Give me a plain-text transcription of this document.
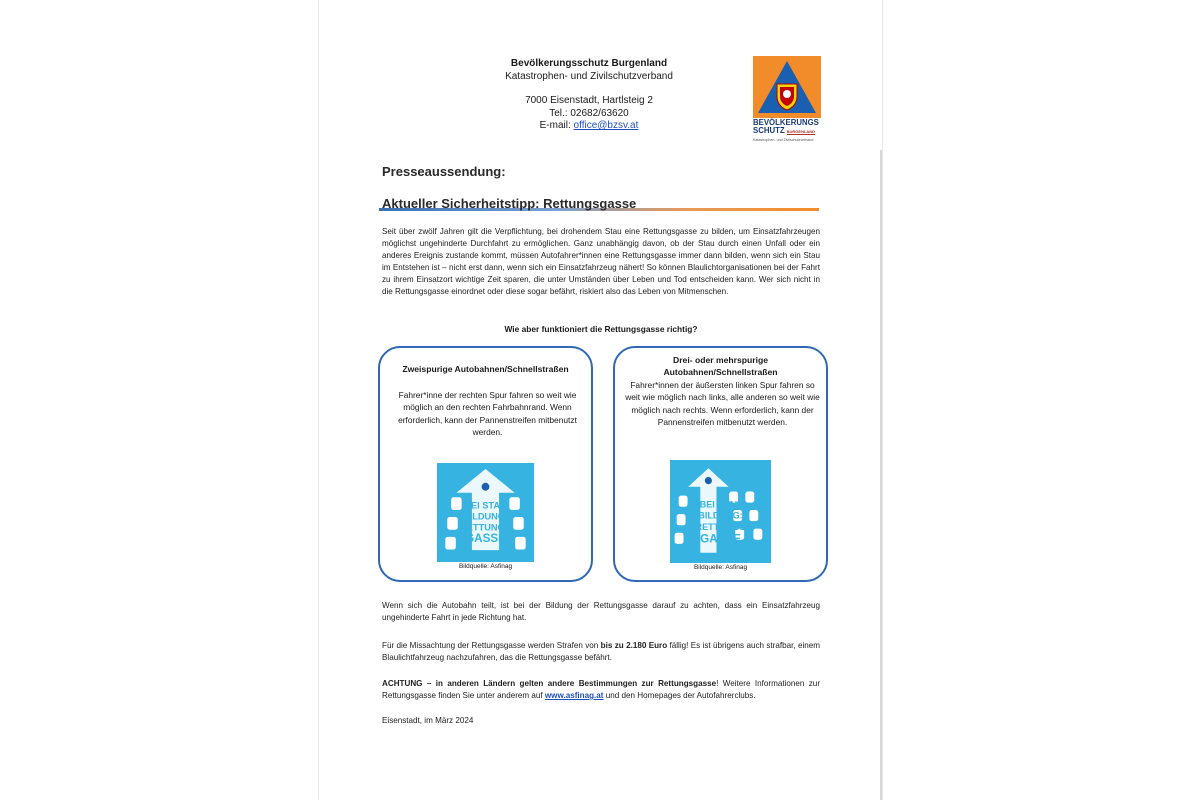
Bevölkerungsschutz Burgenland
Katastrophen- und Zivilschutzverband
7000 Eisenstadt, Hartlsteig 2
Tel.: 02682/63620
E-mail: office@bzsv.at	BEVÖLKERUNGS
SCHUTZ BURGENLAND
Katastrophen- und Zivilschutzverband
Presseaussendung:
Aktueller Sicherheitstipp: Rettungsgasse

Seit über zwölf Jahren gilt die Verpflichtung, bei drohendem Stau eine Rettungsgasse zu bilden, um Einsatzfahrzeugen möglichst ungehinderte Durchfahrt zu ermöglichen. Ganz unabhängig davon, ob der Stau durch einen Unfall oder ein anderes Ereignis zustande kommt, müssen Autofahrer*innen eine Rettungsgasse immer dann bilden, wenn sich ein Stau im Entstehen ist – nicht erst dann, wenn sich ein Einsatzfahrzeug nähert! So können Blaulichtorganisationen bei der Fahrt zu ihrem Einsatzort wichtige Zeit sparen, die unter Umständen über Leben und Tod entscheiden kann. Wer sich nicht in die Rettungsgasse einordnet oder diese sogar befährt, riskiert also das Leben von Mitmenschen.

Wie aber funktioniert die Rettungsgasse richtig?
Zweispurige Autobahnen/Schnellstraßen
Fahrer*inne der rechten Spur fahren so weit wie möglich an den rechten Fahrbahnrand. Wenn erforderlich, kann der Pannenstreifen mitbenutzt werden.
BEI STAU
BILDUNG:
RETTUNGS
GASSE
Bildquelle: Asfinag
Drei- oder mehrspurige Autobahnen/Schnellstraßen
Fahrer*innen der äußersten linken Spur fahren so weit wie möglich nach links, alle anderen so weit wie möglich nach rechts. Wenn erforderlich, kann der Pannenstreifen mitbenutzt werden.
BEI STAU
BILDUNG:
RETTUNGS
GASSE
Bildquelle: Asfinag

Wenn sich die Autobahn teilt, ist bei der Bildung der Rettungsgasse darauf zu achten, dass ein Einsatzfahrzeug ungehinderte Fahrt in jede Richtung hat.

Für die Missachtung der Rettungsgasse werden Strafen von bis zu 2.180 Euro fällig! Es ist übrigens auch strafbar, einem Blaulichtfahrzeug nachzufahren, das die Rettungsgasse befährt.

ACHTUNG – in anderen Ländern gelten andere Bestimmungen zur Rettungsgasse! Weitere Informationen zur Rettungsgasse finden Sie unter anderem auf www.asfinag.at und den Homepages der Autofahrerclubs.

Eisenstadt, im März 2024
